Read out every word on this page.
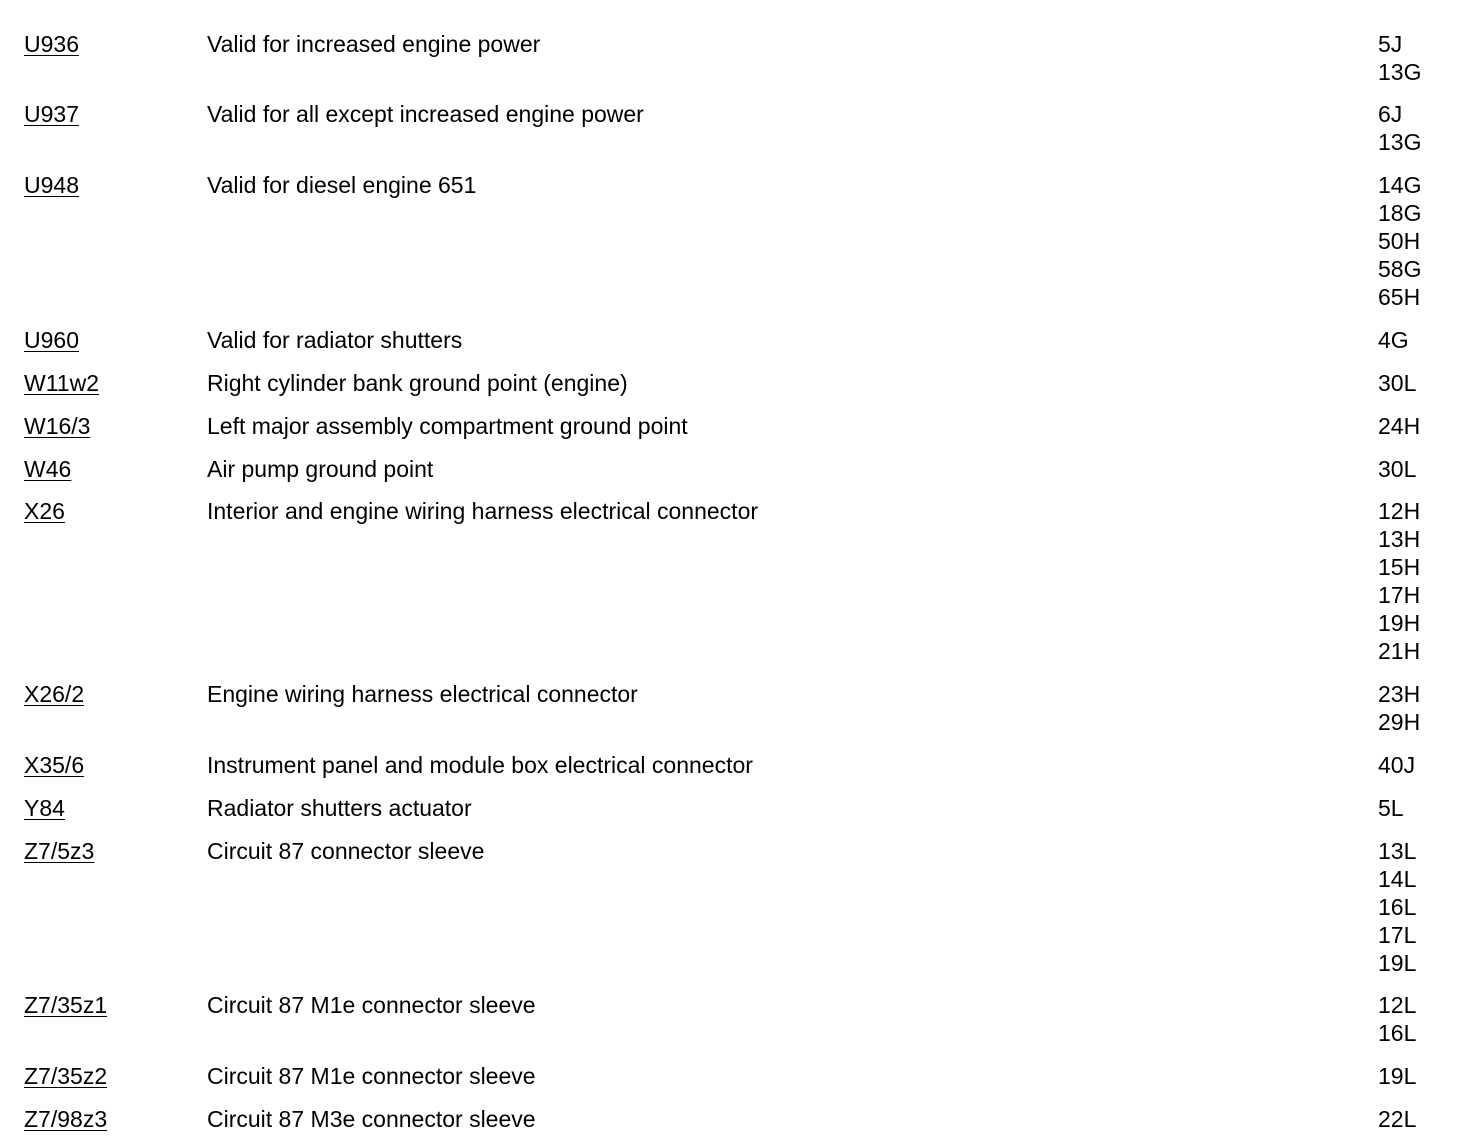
U936	Valid for increased engine power	5J
13G
U937	Valid for all except increased engine power	6J
13G
U948	Valid for diesel engine 651	14G
18G
50H
58G
65H
U960	Valid for radiator shutters	4G
W11w2	Right cylinder bank ground point (engine)	30L
W16/3	Left major assembly compartment ground point	24H
W46	Air pump ground point	30L
X26	Interior and engine wiring harness electrical connector	12H
13H
15H
17H
19H
21H
X26/2	Engine wiring harness electrical connector	23H
29H
X35/6	Instrument panel and module box electrical connector	40J
Y84	Radiator shutters actuator	5L
Z7/5z3	Circuit 87 connector sleeve	13L
14L
16L
17L
19L
Z7/35z1	Circuit 87 M1e connector sleeve	12L
16L
Z7/35z2	Circuit 87 M1e connector sleeve	19L
Z7/98z3	Circuit 87 M3e connector sleeve	22L
